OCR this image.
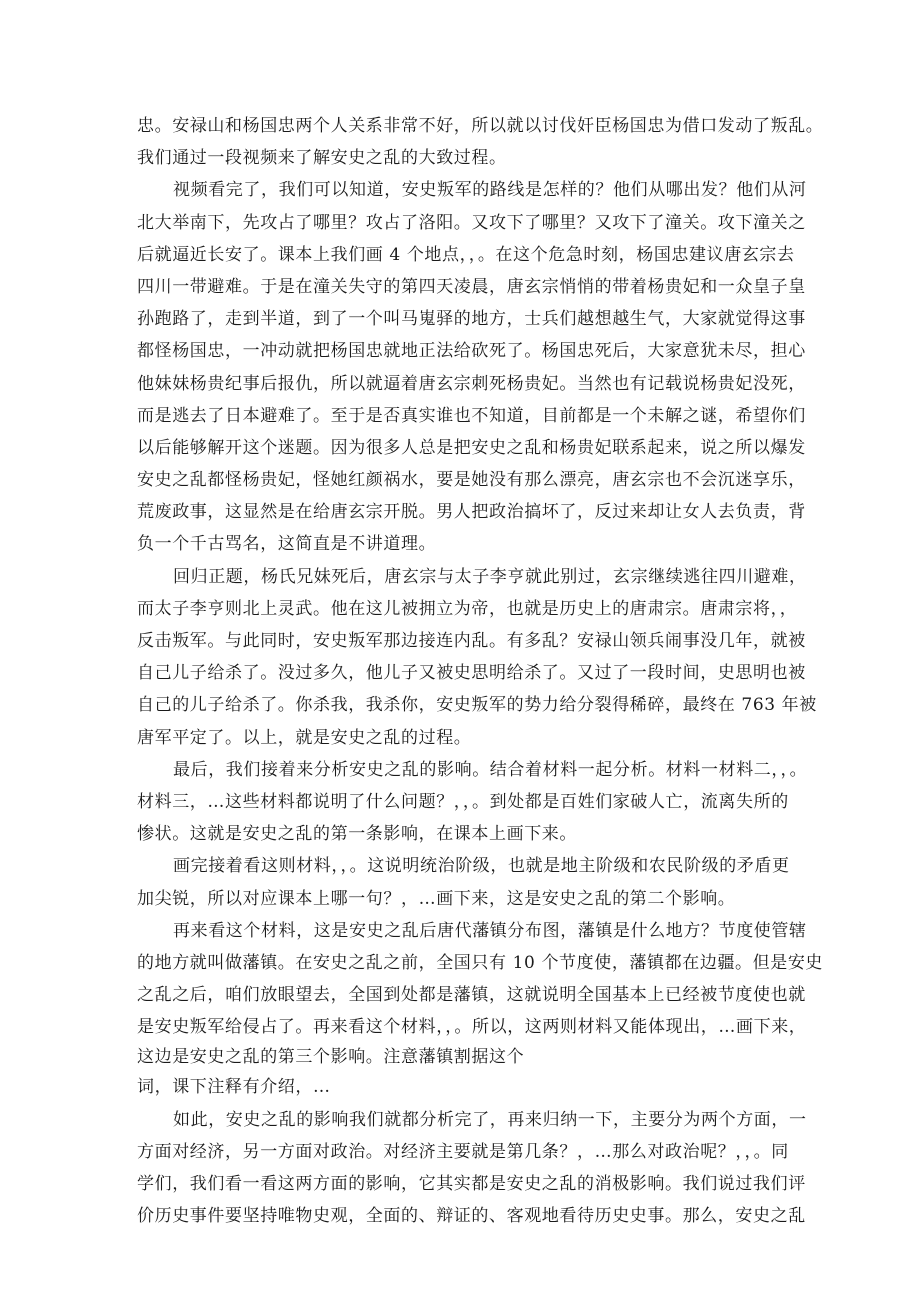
忠。安禄山和杨国忠两个人关系非常不好，所以就以讨伐奸臣杨国忠为借口发动了叛乱。
我们通过一段视频来了解安史之乱的大致过程。
视频看完了，我们可以知道，安史叛军的路线是怎样的？他们从哪出发？他们从河
北大举南下，先攻占了哪里？攻占了洛阳。又攻下了哪里？又攻下了潼关。攻下潼关之
后就逼近长安了。课本上我们画 4 个地点，，。在这个危急时刻，杨国忠建议唐玄宗去
四川一带避难。于是在潼关失守的第四天凌晨，唐玄宗悄悄的带着杨贵妃和一众皇子皇
孙跑路了，走到半道，到了一个叫马嵬驿的地方，士兵们越想越生气，大家就觉得这事
都怪杨国忠，一冲动就把杨国忠就地正法给砍死了。杨国忠死后，大家意犹未尽，担心
他妹妹杨贵纪事后报仇，所以就逼着唐玄宗刺死杨贵妃。当然也有记载说杨贵妃没死，
而是逃去了日本避难了。至于是否真实谁也不知道，目前都是一个未解之谜，希望你们
以后能够解开这个迷题。因为很多人总是把安史之乱和杨贵妃联系起来，说之所以爆发
安史之乱都怪杨贵妃，怪她红颜祸水，要是她没有那么漂亮，唐玄宗也不会沉迷享乐，
荒废政事，这显然是在给唐玄宗开脱。男人把政治搞坏了，反过来却让女人去负责，背
负一个千古骂名，这简直是不讲道理。
回归正题，杨氏兄妹死后，唐玄宗与太子李亨就此别过，玄宗继续逃往四川避难，
而太子李亨则北上灵武。他在这儿被拥立为帝，也就是历史上的唐肃宗。唐肃宗将，，
反击叛军。与此同时，安史叛军那边接连内乱。有多乱？安禄山领兵闹事没几年，就被
自己儿子给杀了。没过多久，他儿子又被史思明给杀了。又过了一段时间，史思明也被
自己的儿子给杀了。你杀我，我杀你，安史叛军的势力给分裂得稀碎，最终在 763 年被
唐军平定了。以上，就是安史之乱的过程。
最后，我们接着来分析安史之乱的影响。结合着材料一起分析。材料一材料二，，。
材料三，…这些材料都说明了什么问题？，，。到处都是百姓们家破人亡，流离失所的
惨状。这就是安史之乱的第一条影响，在课本上画下来。
画完接着看这则材料，，。这说明统治阶级，也就是地主阶级和农民阶级的矛盾更
加尖锐，所以对应课本上哪一句？，…画下来，这是安史之乱的第二个影响。
再来看这个材料，这是安史之乱后唐代藩镇分布图，藩镇是什么地方？节度使管辖
的地方就叫做藩镇。在安史之乱之前，全国只有 10 个节度使，藩镇都在边疆。但是安史
之乱之后，咱们放眼望去，全国到处都是藩镇，这就说明全国基本上已经被节度使也就
是安史叛军给侵占了。再来看这个材料，，。所以，这两则材料又能体现出，…画下来，
这边是安史之乱的第三个影响。注意藩镇割据这个
词，课下注释有介绍，…
如此，安史之乱的影响我们就都分析完了，再来归纳一下，主要分为两个方面，一
方面对经济，另一方面对政治。对经济主要就是第几条？，…那么对政治呢？，，。同
学们，我们看一看这两方面的影响，它其实都是安史之乱的消极影响。我们说过我们评
价历史事件要坚持唯物史观，全面的、辩证的、客观地看待历史史事。那么，安史之乱
